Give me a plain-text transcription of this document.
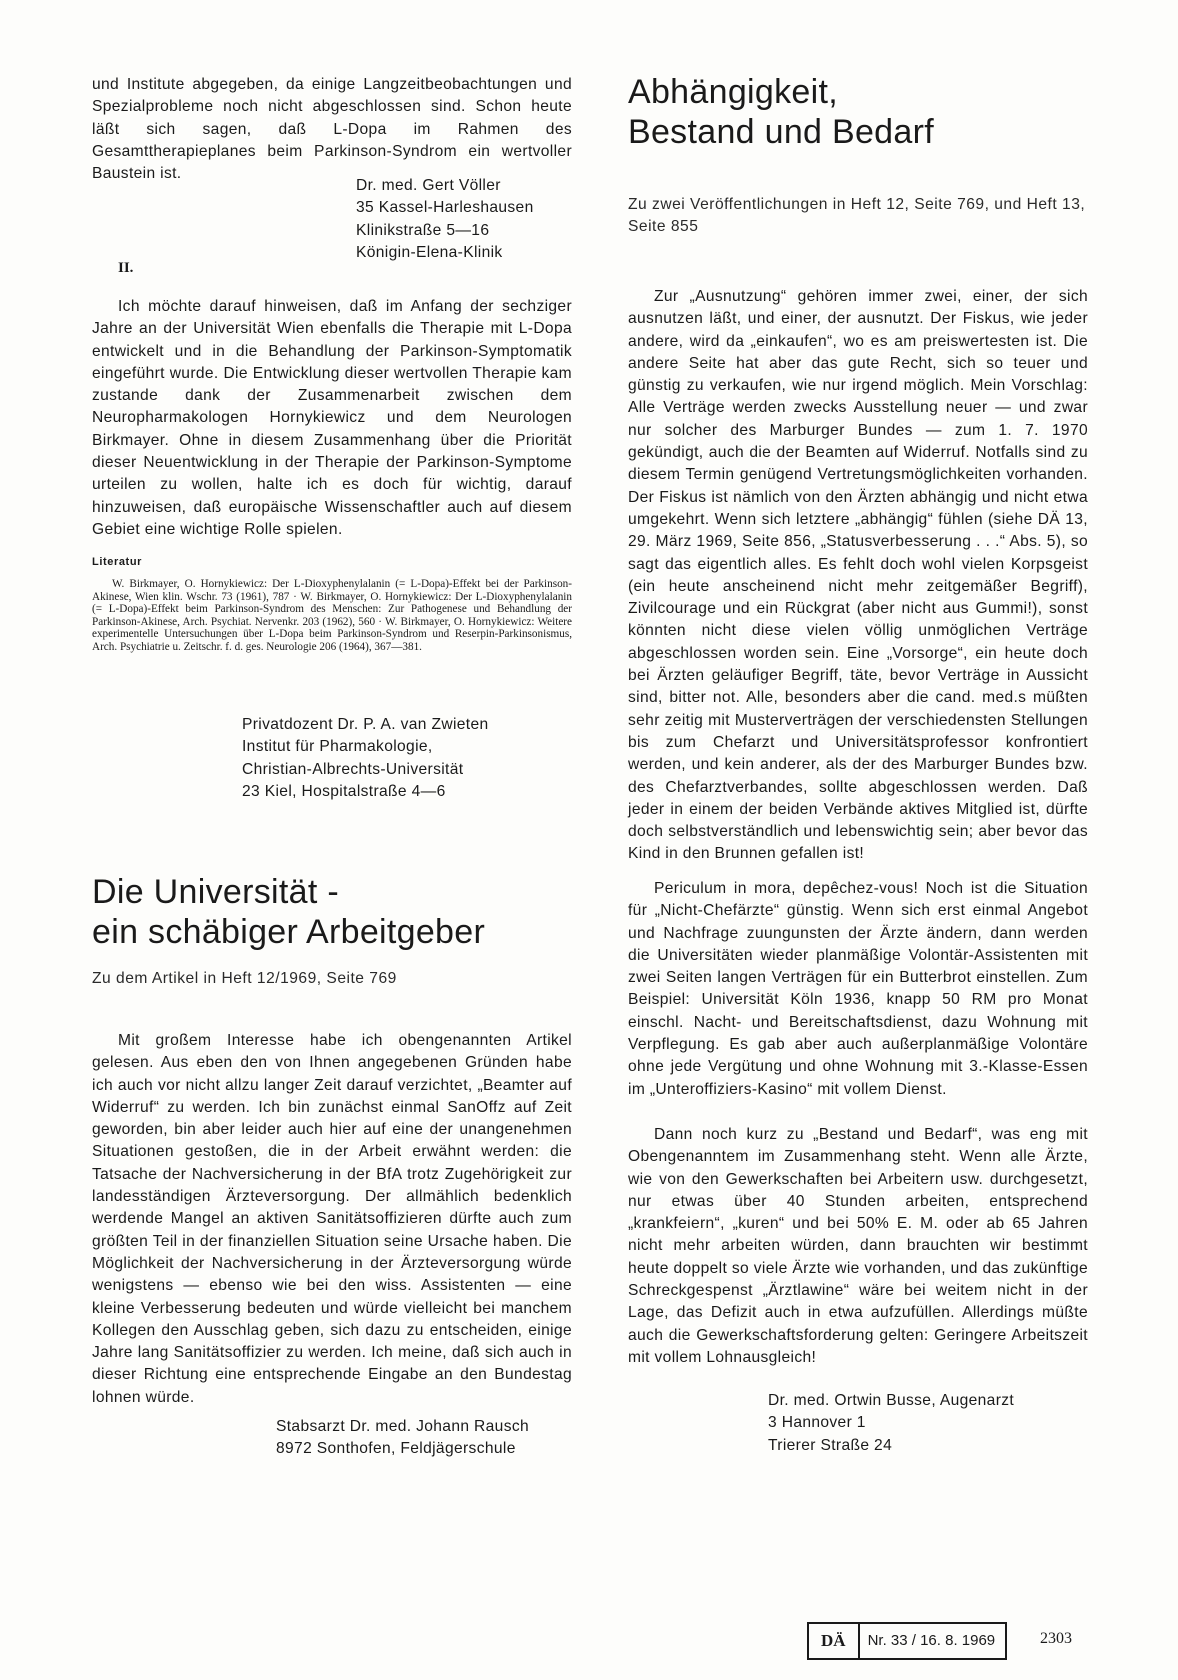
und Institute abgegeben, da einige Langzeitbeobachtungen und Spezialprobleme noch nicht abgeschlossen sind. Schon heute läßt sich sagen, daß L-Dopa im Rahmen des Gesamttherapieplanes beim Parkinson-Syndrom ein wertvoller Baustein ist.

Dr. med. Gert Völler
35 Kassel-Harleshausen
Klinikstraße 5—16
Königin-Elena-Klinik
II.

Ich möchte darauf hinweisen, daß im Anfang der sechziger Jahre an der Universität Wien ebenfalls die Therapie mit L-Dopa entwickelt und in die Behandlung der Parkinson-Symptomatik eingeführt wurde. Die Entwicklung dieser wertvollen Therapie kam zustande dank der Zusammenarbeit zwischen dem Neuropharmakologen Hornykiewicz und dem Neurologen Birkmayer. Ohne in diesem Zusammenhang über die Priorität dieser Neuentwicklung in der Therapie der Parkinson-Symptome urteilen zu wollen, halte ich es doch für wichtig, darauf hinzuweisen, daß europäische Wissenschaftler auch auf diesem Gebiet eine wichtige Rolle spielen.

Literatur

W. Birkmayer, O. Hornykiewicz: Der L-Dioxyphenylalanin (= L-Dopa)-Effekt bei der Parkinson-Akinese, Wien klin. Wschr. 73 (1961), 787 · W. Birkmayer, O. Hornykiewicz: Der L-Dioxyphenylalanin (= L-Dopa)-Effekt beim Parkinson-Syndrom des Menschen: Zur Pathogenese und Behandlung der Parkinson-Akinese, Arch. Psychiat. Nervenkr. 203 (1962), 560 · W. Birkmayer, O. Hornykiewicz: Weitere experimentelle Untersuchungen über L-Dopa beim Parkinson-Syndrom und Reserpin-Parkinsonismus, Arch. Psychiatrie u. Zeitschr. f. d. ges. Neurologie 206 (1964), 367—381.

Privatdozent Dr. P. A. van Zwieten
Institut für Pharmakologie,
Christian-Albrechts-Universität
23 Kiel, Hospitalstraße 4—6
Die Universität -
ein schäbiger Arbeitgeber
Zu dem Artikel in Heft 12/1969, Seite 769

Mit großem Interesse habe ich obengenannten Artikel gelesen. Aus eben den von Ihnen angegebenen Gründen habe ich auch vor nicht allzu langer Zeit darauf verzichtet, „Beamter auf Widerruf“ zu werden. Ich bin zunächst einmal SanOffz auf Zeit geworden, bin aber leider auch hier auf eine der unangenehmen Situationen gestoßen, die in der Arbeit erwähnt werden: die Tatsache der Nachversicherung in der BfA trotz Zugehörigkeit zur landesständigen Ärzteversorgung. Der allmählich bedenklich werdende Mangel an aktiven Sanitätsoffizieren dürfte auch zum größten Teil in der finanziellen Situation seine Ursache haben. Die Möglichkeit der Nachversicherung in der Ärzteversorgung würde wenigstens — ebenso wie bei den wiss. Assistenten — eine kleine Verbesserung bedeuten und würde vielleicht bei manchem Kollegen den Ausschlag geben, sich dazu zu entscheiden, einige Jahre lang Sanitätsoffizier zu werden. Ich meine, daß sich auch in dieser Richtung eine entsprechende Eingabe an den Bundestag lohnen würde.

Stabsarzt Dr. med. Johann Rausch
8972 Sonthofen, Feldjägerschule
Abhängigkeit,
Bestand und Bedarf
Zu zwei Veröffentlichungen in Heft 12, Seite 769, und Heft 13, Seite 855

Zur „Ausnutzung“ gehören immer zwei, einer, der sich ausnutzen läßt, und einer, der ausnutzt. Der Fiskus, wie jeder andere, wird da „einkaufen“, wo es am preiswertesten ist. Die andere Seite hat aber das gute Recht, sich so teuer und günstig zu verkaufen, wie nur irgend möglich. Mein Vorschlag: Alle Verträge werden zwecks Ausstellung neuer — und zwar nur solcher des Marburger Bundes — zum 1. 7. 1970 gekündigt, auch die der Beamten auf Widerruf. Notfalls sind zu diesem Termin genügend Vertretungsmöglichkeiten vorhanden. Der Fiskus ist nämlich von den Ärzten abhängig und nicht etwa umgekehrt. Wenn sich letztere „abhängig“ fühlen (siehe DÄ 13, 29. März 1969, Seite 856, „Statusverbesserung . . .“ Abs. 5), so sagt das eigentlich alles. Es fehlt doch wohl vielen Korpsgeist (ein heute anscheinend nicht mehr zeitgemäßer Begriff), Zivilcourage und ein Rückgrat (aber nicht aus Gummi!), sonst könnten nicht diese vielen völlig unmöglichen Verträge abgeschlossen worden sein. Eine „Vorsorge“, ein heute doch bei Ärzten geläufiger Begriff, täte, bevor Verträge in Aussicht sind, bitter not. Alle, besonders aber die cand. med.s müßten sehr zeitig mit Musterverträgen der verschiedensten Stellungen bis zum Chefarzt und Universitätsprofessor konfrontiert werden, und kein anderer, als der des Marburger Bundes bzw. des Chefarztverbandes, sollte abgeschlossen werden. Daß jeder in einem der beiden Verbände aktives Mitglied ist, dürfte doch selbstverständlich und lebenswichtig sein; aber bevor das Kind in den Brunnen gefallen ist!

Periculum in mora, depêchez-vous! Noch ist die Situation für „Nicht-Chefärzte“ günstig. Wenn sich erst einmal Angebot und Nachfrage zuungunsten der Ärzte ändern, dann werden die Universitäten wieder planmäßige Volontär-Assistenten mit zwei Seiten langen Verträgen für ein Butterbrot einstellen. Zum Beispiel: Universität Köln 1936, knapp 50 RM pro Monat einschl. Nacht- und Bereitschaftsdienst, dazu Wohnung mit Verpflegung. Es gab aber auch außerplanmäßige Volontäre ohne jede Vergütung und ohne Wohnung mit 3.-Klasse-Essen im „Unteroffiziers-Kasino“ mit vollem Dienst.

Dann noch kurz zu „Bestand und Bedarf“, was eng mit Obengenanntem im Zusammenhang steht. Wenn alle Ärzte, wie von den Gewerkschaften bei Arbeitern usw. durchgesetzt, nur etwas über 40 Stunden arbeiten, entsprechend „krankfeiern“, „kuren“ und bei 50% E. M. oder ab 65 Jahren nicht mehr arbeiten würden, dann brauchten wir bestimmt heute doppelt so viele Ärzte wie vorhanden, und das zukünftige Schreckgespenst „Ärztlawine“ wäre bei weitem nicht in der Lage, das Defizit auch in etwa aufzufüllen. Allerdings müßte auch die Gewerkschaftsforderung gelten: Geringere Arbeitszeit mit vollem Lohnausgleich!

Dr. med. Ortwin Busse, Augenarzt
3 Hannover 1
Trierer Straße 24
DÄ	Nr. 33 / 16. 8. 1969	2303
